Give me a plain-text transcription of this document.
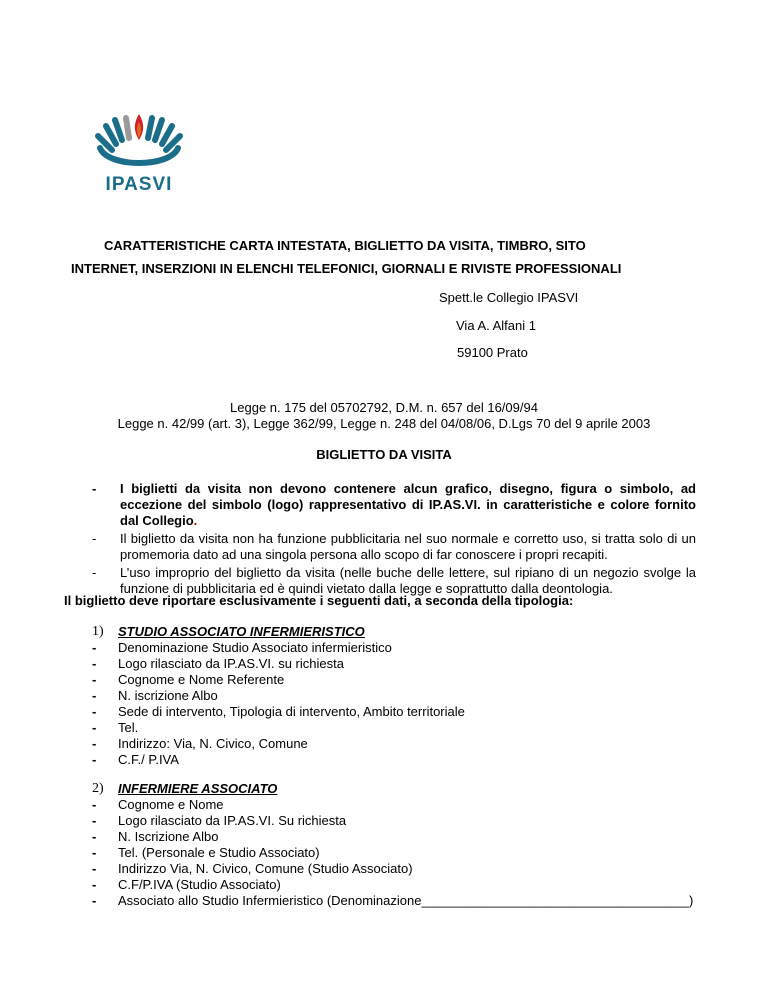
IPASVI
CARATTERISTICHE CARTA INTESTATA, BIGLIETTO DA VISITA, TIMBRO, SITO
INTERNET, INSERZIONI IN ELENCHI TELEFONICI, GIORNALI E RIVISTE PROFESSIONALI
Spett.le Collegio IPASVI
Via A. Alfani 1
59100 Prato
Legge n. 175 del 05702792, D.M. n. 657 del 16/09/94
Legge n. 42/99 (art. 3), Legge 362/99, Legge n. 248 del 04/08/06, D.Lgs 70 del 9 aprile 2003
BIGLIETTO DA VISITA
- I biglietti da visita non devono contenere alcun grafico, disegno, figura o simbolo, ad eccezione del simbolo (logo) rappresentativo di IP.AS.VI. in caratteristiche e colore fornito dal Collegio.
- Il biglietto da visita non ha funzione pubblicitaria nel suo normale e corretto uso, si tratta solo di un promemoria dato ad una singola persona allo scopo di far conoscere i propri recapiti.
- L’uso improprio del biglietto da visita (nelle buche delle lettere, sul ripiano di un negozio svolge la funzione di pubblicitaria ed è quindi vietato dalla legge e soprattutto dalla deontologia.
Il biglietto deve riportare esclusivamente i seguenti dati, a seconda della tipologia:
1) STUDIO ASSOCIATO INFERMIERISTICO
- Denominazione Studio Associato infermieristico
- Logo rilasciato da IP.AS.VI. su richiesta
- Cognome e Nome Referente
- N. iscrizione Albo
- Sede di intervento, Tipologia di intervento, Ambito territoriale
- Tel.
- Indirizzo: Via, N. Civico, Comune
- C.F./ P.IVA
2) INFERMIERE ASSOCIATO
- Cognome e Nome
- Logo rilasciato da IP.AS.VI. Su richiesta
- N. Iscrizione Albo
- Tel. (Personale e Studio Associato)
- Indirizzo Via, N. Civico, Comune (Studio Associato)
- C.F/P.IVA (Studio Associato)
- Associato allo Studio Infermieristico (Denominazione_____________________________________)
